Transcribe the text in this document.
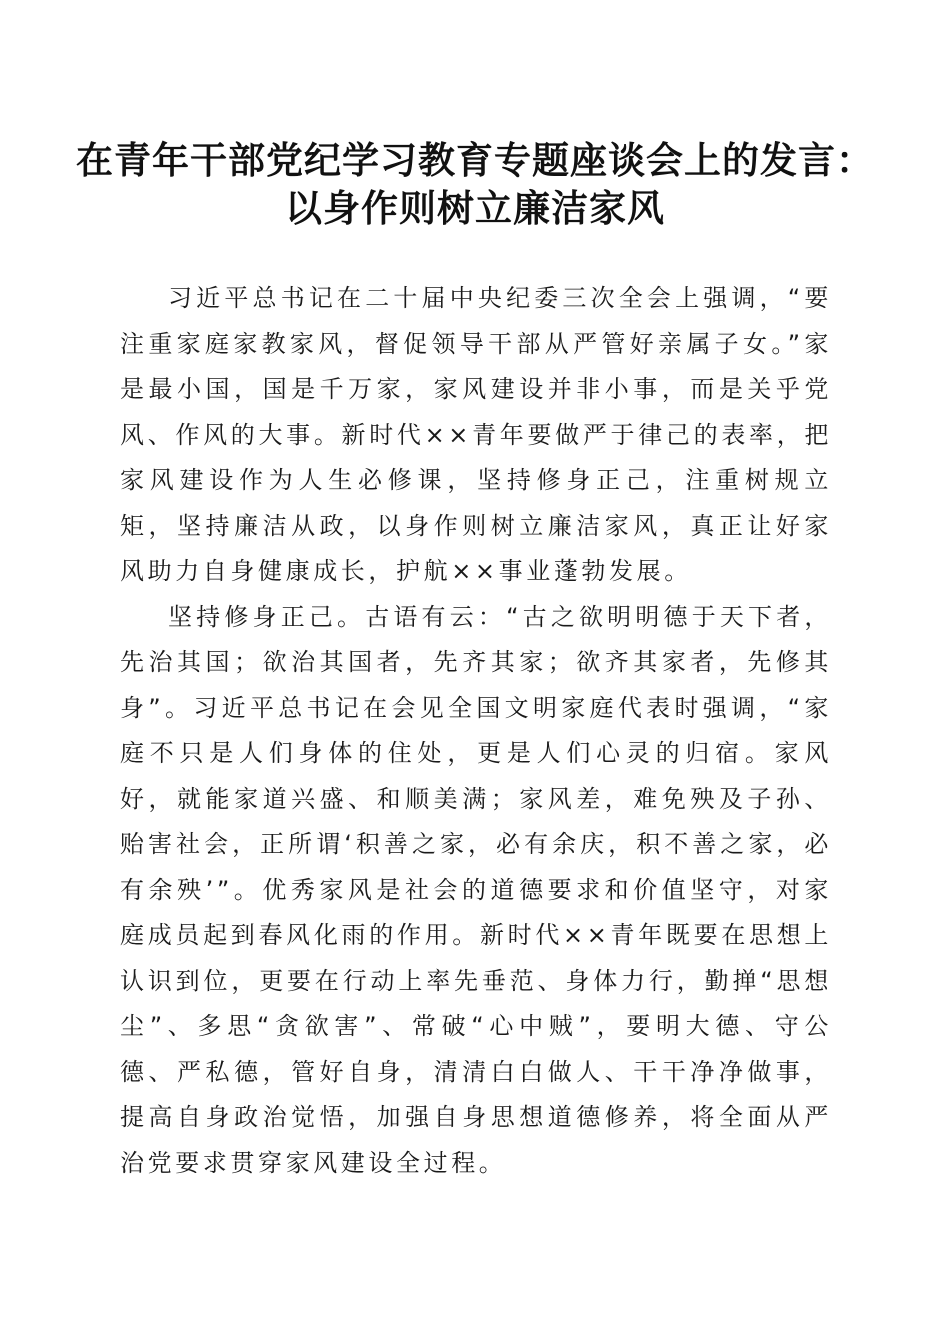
在青年干部党纪学习教育专题座谈会上的发言：
以身作则树立廉洁家风

习近平总书记在二十届中央纪委三次全会上强调，“要注重家庭家教家风，督促领导干部从严管好亲属子女。”家是最小国，国是千万家，家风建设并非小事，而是关乎党风、作风的大事。新时代××青年要做严于律己的表率，把家风建设作为人生必修课，坚持修身正己，注重树规立矩，坚持廉洁从政，以身作则树立廉洁家风，真正让好家风助力自身健康成长，护航××事业蓬勃发展。

坚持修身正己。古语有云：“古之欲明明德于天下者，先治其国；欲治其国者，先齐其家；欲齐其家者，先修其身”。习近平总书记在会见全国文明家庭代表时强调，“家庭不只是人们身体的住处，更是人们心灵的归宿。家风好，就能家道兴盛、和顺美满；家风差，难免殃及子孙、贻害社会，正所谓‘积善之家，必有余庆，积不善之家，必有余殃’”。优秀家风是社会的道德要求和价值坚守，对家庭成员起到春风化雨的作用。新时代××青年既要在思想上认识到位，更要在行动上率先垂范、身体力行，勤掸“思想尘”、多思“贪欲害”、常破“心中贼”，要明大德、守公德、严私德，管好自身，清清白白做人、干干净净做事，提高自身政治觉悟，加强自身思想道德修养，将全面从严治党要求贯穿家风建设全过程。
